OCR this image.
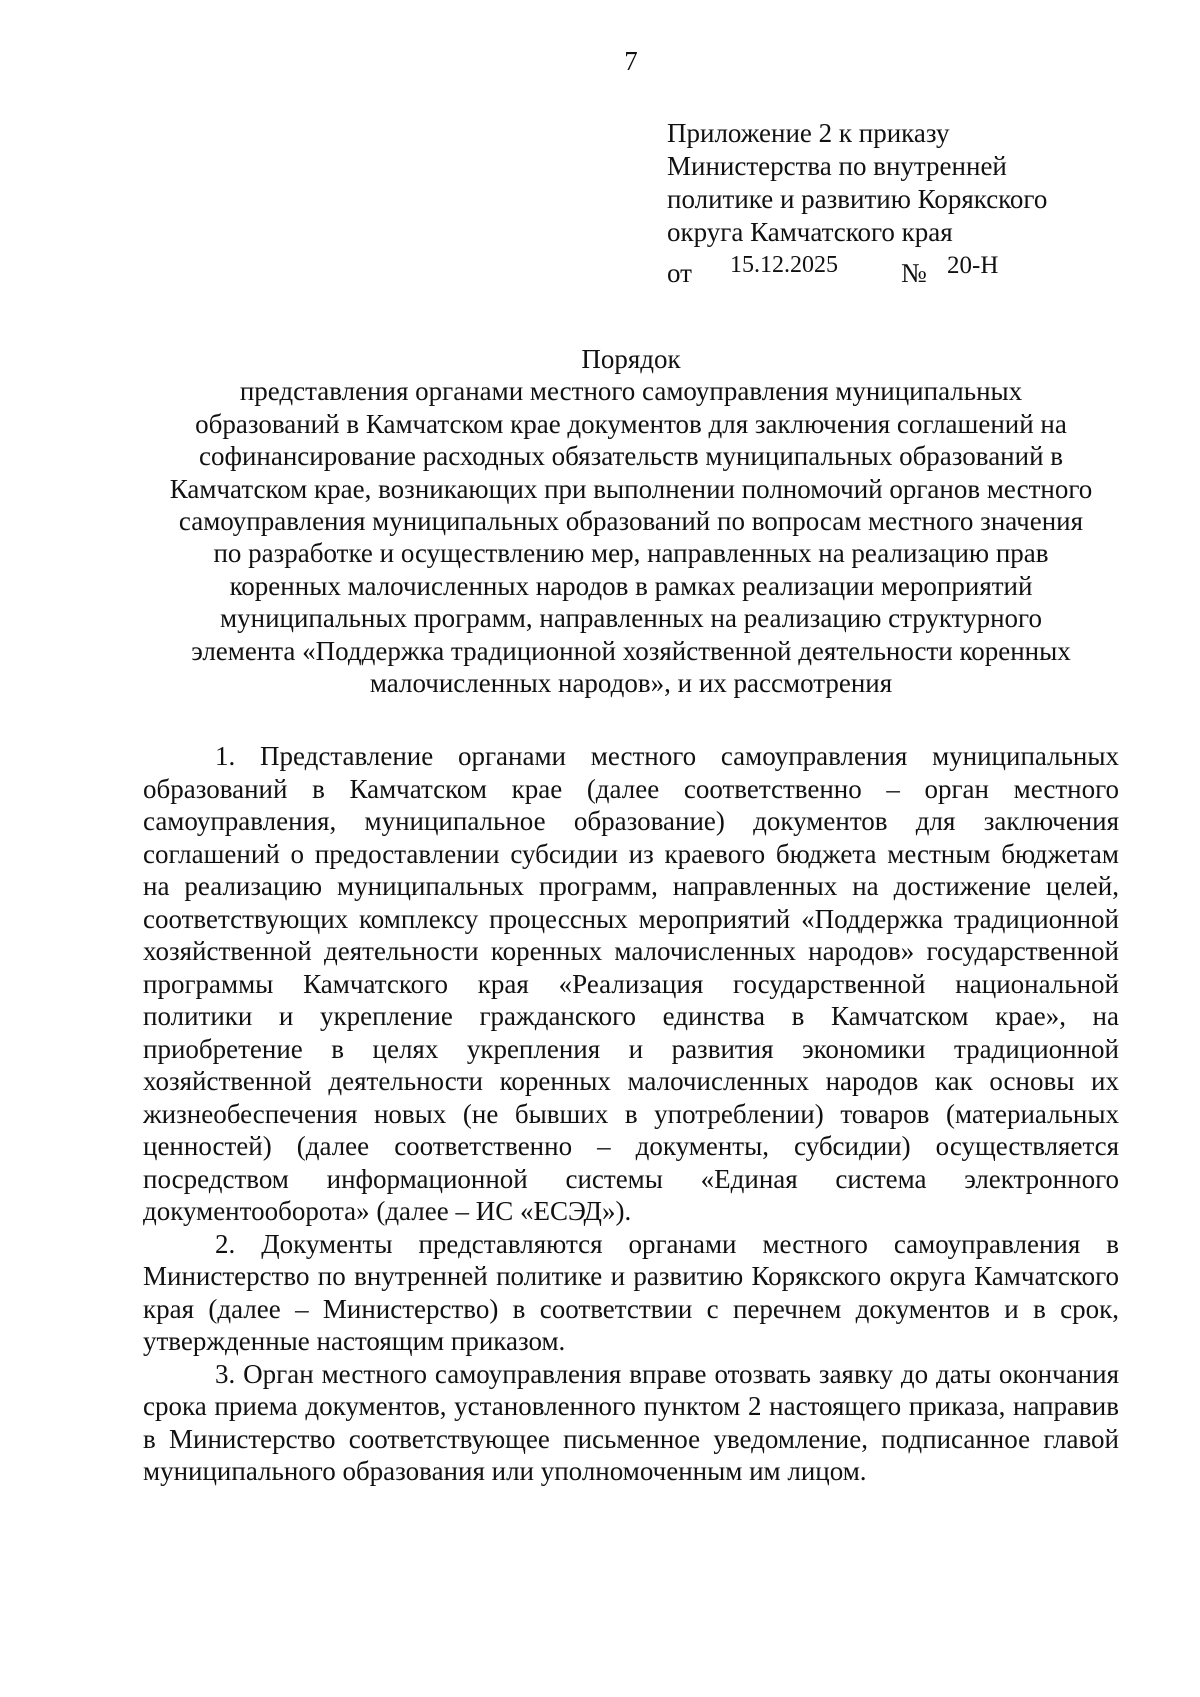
7
Приложение 2 к приказу
Министерства по внутренней
политике и развитию Корякского
округа Камчатского края
от 15.12.2025 № 20-Н
Порядок
представления органами местного самоуправления муниципальных
образований в Камчатском крае документов для заключения соглашений на
софинансирование расходных обязательств муниципальных образований в
Камчатском крае, возникающих при выполнении полномочий органов местного
самоуправления муниципальных образований по вопросам местного значения
по разработке и осуществлению мер, направленных на реализацию прав
коренных малочисленных народов в рамках реализации мероприятий
муниципальных программ, направленных на реализацию структурного
элемента «Поддержка традиционной хозяйственной деятельности коренных
малочисленных народов», и их рассмотрения

1. Представление органами местного самоуправления муниципальных образований в Камчатском крае (далее соответственно – орган местного самоуправления, муниципальное образование) документов для заключения соглашений о предоставлении субсидии из краевого бюджета местным бюджетам на реализацию муниципальных программ, направленных на достижение целей, соответствующих комплексу процессных мероприятий «Поддержка традиционной хозяйственной деятельности коренных малочисленных народов» государственной программы Камчатского края «Реализация государственной национальной политики и укрепление гражданского единства в Камчатском крае», на приобретение в целях укрепления и развития экономики традиционной хозяйственной деятельности коренных малочисленных народов как основы их жизнеобеспечения новых (не бывших в употреблении) товаров (материальных ценностей) (далее соответственно – документы, субсидии) осуществляется посредством информационной системы «Единая система электронного документооборота» (далее – ИС «ЕСЭД»).

2. Документы представляются органами местного самоуправления в Министерство по внутренней политике и развитию Корякского округа Камчатского края (далее – Министерство) в соответствии с перечнем документов и в срок, утвержденные настоящим приказом.

3. Орган местного самоуправления вправе отозвать заявку до даты окончания срока приема документов, установленного пунктом 2 настоящего приказа, направив в Министерство соответствующее письменное уведомление, подписанное главой муниципального образования или уполномоченным им лицом.
